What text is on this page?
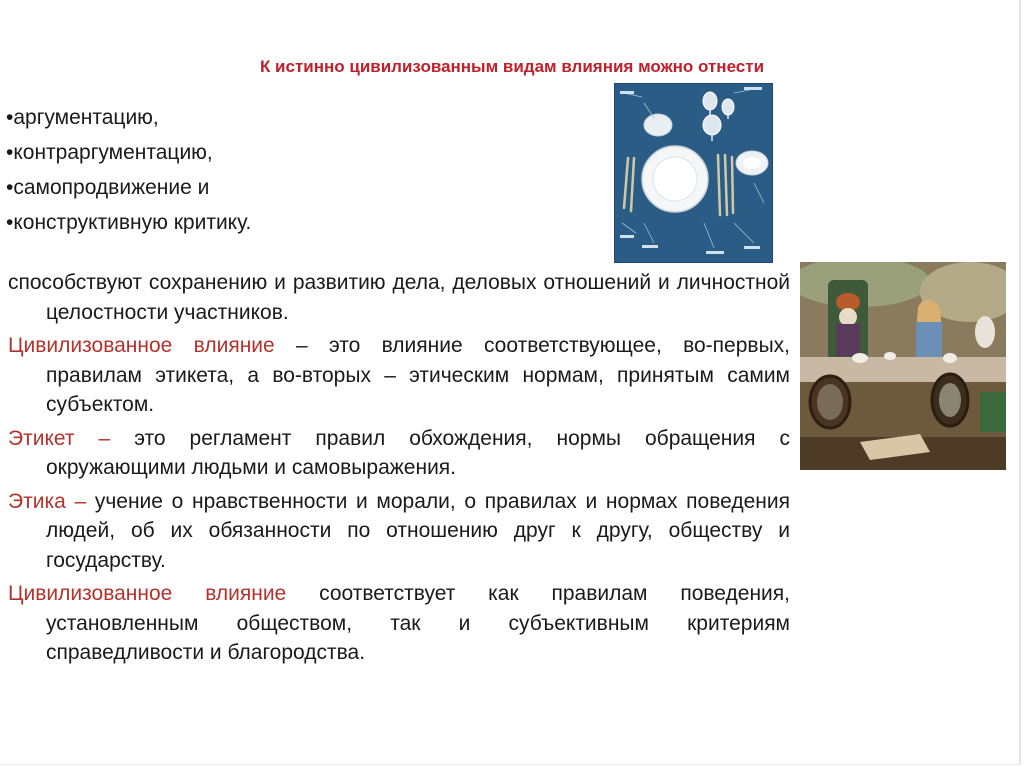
К истинно цивилизованным видам влияния можно отнести
• аргументацию,
• контраргументацию,
• самопродвижение и
• конструктивную критику.

способствуют сохранению и развитию дела, деловых отношений и личностной целостности участников.

Цивилизованное влияние – это влияние соответствующее, во-первых, правилам этикета, а во-вторых – этическим нормам, принятым самим субъектом.

Этикет – это регламент правил обхождения, нормы обращения с окружающими людьми и самовыражения.

Этика – учение о нравственности и морали, о правилах и нормах поведения людей, об их обязанности по отношению друг к другу, обществу и государству.

Цивилизованное влияние соответствует как правилам поведения, установленным обществом, так и субъективным критериям справедливости и благородства.
